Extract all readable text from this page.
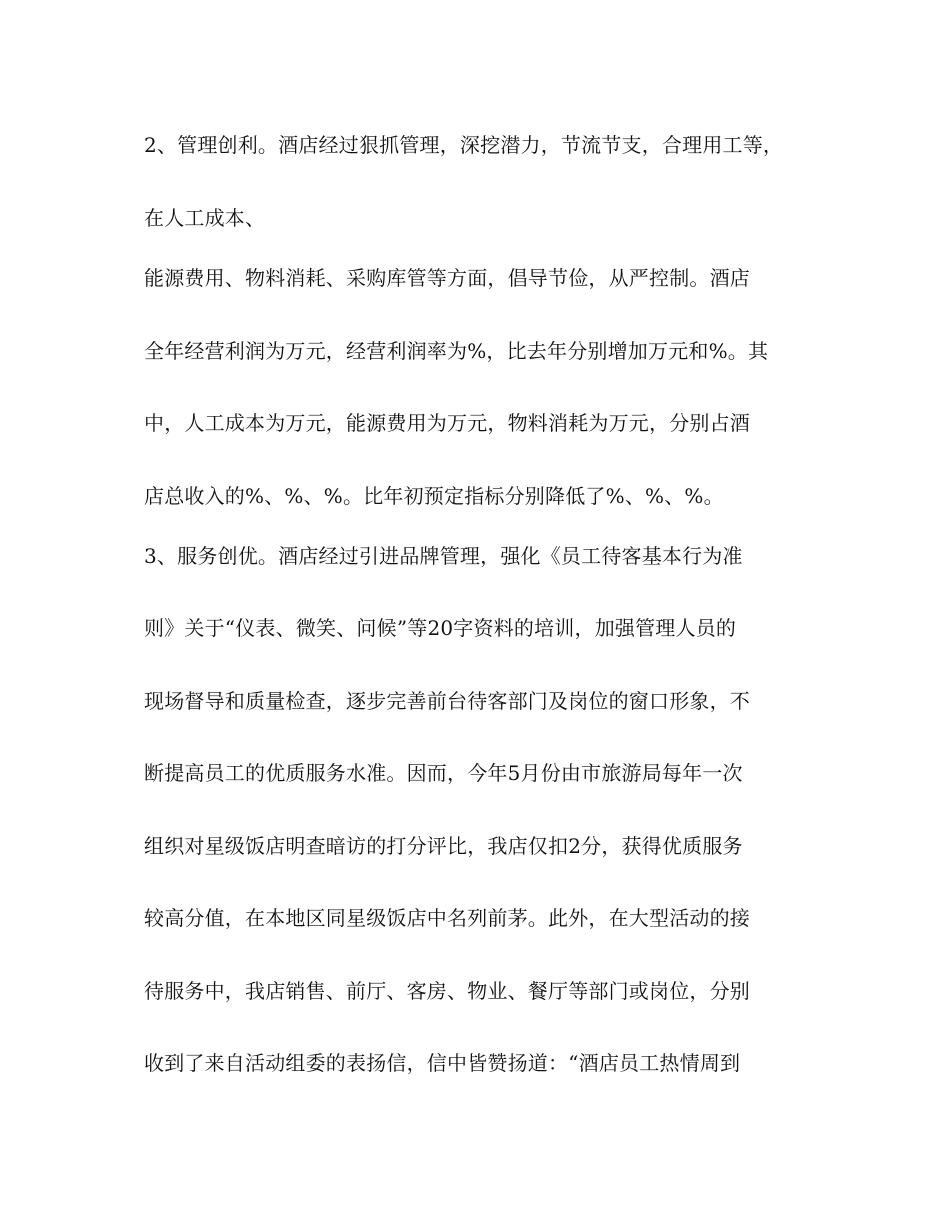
2、管理创利。酒店经过狠抓管理，深挖潜力，节流节支，合理用工等，
在人工成本、
能源费用、物料消耗、采购库管等方面，倡导节俭，从严控制。酒店
全年经营利润为万元，经营利润率为%，比去年分别增加万元和%。其
中，人工成本为万元，能源费用为万元，物料消耗为万元，分别占酒
店总收入的%、%、%。比年初预定指标分别降低了%、%、%。
3、服务创优。酒店经过引进品牌管理，强化《员工待客基本行为准
则》关于“仪表、微笑、问候”等20字资料的培训，加强管理人员的
现场督导和质量检查，逐步完善前台待客部门及岗位的窗口形象，不
断提高员工的优质服务水准。因而，今年5月份由市旅游局每年一次
组织对星级饭店明查暗访的打分评比，我店仅扣2分，获得优质服务
较高分值，在本地区同星级饭店中名列前茅。此外，在大型活动的接
待服务中，我店销售、前厅、客房、物业、餐厅等部门或岗位，分别
收到了来自活动组委的表扬信，信中皆赞扬道：“酒店员工热情周到
